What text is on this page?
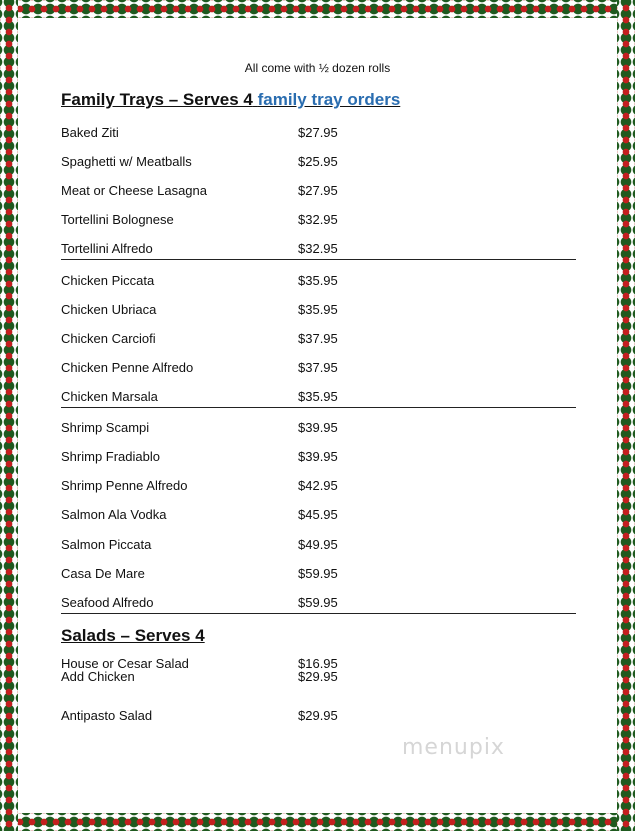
All come with ½ dozen rolls
Family Trays – Serves 4 family tray orders
Baked Ziti	$27.95
Spaghetti w/ Meatballs	$25.95
Meat or Cheese Lasagna	$27.95
Tortellini Bolognese	$32.95
Tortellini Alfredo	$32.95
Chicken Piccata	$35.95
Chicken Ubriaca	$35.95
Chicken Carciofi	$37.95
Chicken Penne Alfredo	$37.95
Chicken Marsala	$35.95
Shrimp Scampi	$39.95
Shrimp Fradiablo	$39.95
Shrimp Penne Alfredo	$42.95
Salmon Ala Vodka	$45.95
Salmon Piccata	$49.95
Casa De Mare	$59.95
Seafood Alfredo	$59.95
Salads – Serves 4
House or Cesar Salad	$16.95
Add Chicken	$29.95
Antipasto Salad	$29.95
menupix
